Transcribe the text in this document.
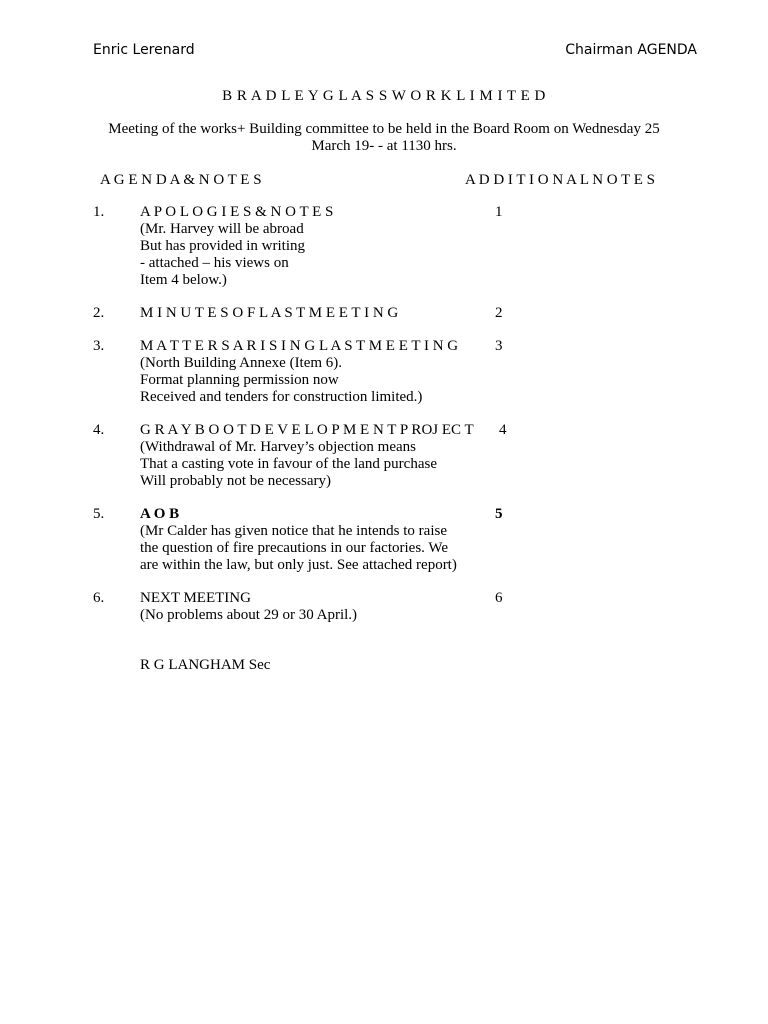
Enric Lerenard	Chairman AGENDA
B R A D L E Y G L A S S W O R K L I M I T E D
Meeting of the works+ Building committee to be held in the Board Room on Wednesday 25 March 19- - at 1130 hrs.
A G E N D A & N O T E S	A D D I T I O N A L N O T E S
1. A P O L O G I E S & N O T E S	1
(Mr. Harvey will be abroad
But has provided in writing
- attached – his views on
Item 4 below.)
2. M I N U T E S O F L A S T M E E T I N G	2
3. M A T T E R S A R I S I N G L A S T M E E T I N G 3
(North Building Annexe (Item 6).
Format planning permission now
Received and tenders for construction limited.)
4. G R A Y B O O T D E V E L O P M E N T P ROJ EC T 4
(Withdrawal of Mr. Harvey’s objection means
That a casting vote in favour of the land purchase
Will probably not be necessary)
5. A O B	5
(Mr Calder has given notice that he intends to raise
the question of fire precautions in our factories. We
are within the law, but only just. See attached report)
6. NEXT MEETING	6
(No problems about 29 or 30 April.)
R G LANGHAM Sec
